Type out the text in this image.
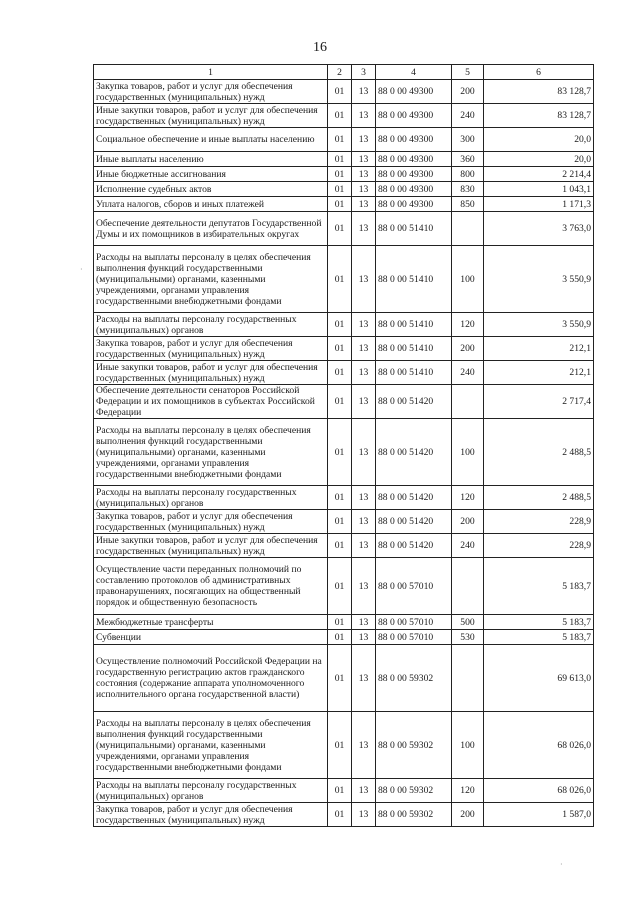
16
1	2	3	4	5	6
Закупка товаров, работ и услуг для обеспечения государственных (муниципальных) нужд	01	13	88 0 00 49300	200	83 128,7
Иные закупки товаров, работ и услуг для обеспечения государственных (муниципальных) нужд	01	13	88 0 00 49300	240	83 128,7
Социальное обеспечение и иные выплаты населению	01	13	88 0 00 49300	300	20,0
Иные выплаты населению	01	13	88 0 00 49300	360	20,0
Иные бюджетные ассигнования	01	13	88 0 00 49300	800	2 214,4
Исполнение судебных актов	01	13	88 0 00 49300	830	1 043,1
Уплата налогов, сборов и иных платежей	01	13	88 0 00 49300	850	1 171,3
Обеспечение деятельности депутатов Государственной Думы и их помощников в избирательных округах	01	13	88 0 00 51410		3 763,0
Расходы на выплаты персоналу в целях обеспечения выполнения функций государственными (муниципальными) органами, казенными учреждениями, органами управления государственными внебюджетными фондами	01	13	88 0 00 51410	100	3 550,9
Расходы на выплаты персоналу государственных (муниципальных) органов	01	13	88 0 00 51410	120	3 550,9
Закупка товаров, работ и услуг для обеспечения государственных (муниципальных) нужд	01	13	88 0 00 51410	200	212,1
Иные закупки товаров, работ и услуг для обеспечения государственных (муниципальных) нужд	01	13	88 0 00 51410	240	212,1
Обеспечение деятельности сенаторов Российской Федерации и их помощников в субъектах Российской Федерации	01	13	88 0 00 51420		2 717,4
Расходы на выплаты персоналу в целях обеспечения выполнения функций государственными (муниципальными) органами, казенными учреждениями, органами управления государственными внебюджетными фондами	01	13	88 0 00 51420	100	2 488,5
Расходы на выплаты персоналу государственных (муниципальных) органов	01	13	88 0 00 51420	120	2 488,5
Закупка товаров, работ и услуг для обеспечения государственных (муниципальных) нужд	01	13	88 0 00 51420	200	228,9
Иные закупки товаров, работ и услуг для обеспечения государственных (муниципальных) нужд	01	13	88 0 00 51420	240	228,9
Осуществление части переданных полномочий по составлению протоколов об административных правонарушениях, посягающих на общественный порядок и общественную безопасность	01	13	88 0 00 57010		5 183,7
Межбюджетные трансферты	01	13	88 0 00 57010	500	5 183,7
Субвенции	01	13	88 0 00 57010	530	5 183,7
Осуществление полномочий Российской Федерации на государственную регистрацию актов гражданского состояния (содержание аппарата уполномоченного исполнительного органа государственной власти)	01	13	88 0 00 59302		69 613,0
Расходы на выплаты персоналу в целях обеспечения выполнения функций государственными (муниципальными) органами, казенными учреждениями, органами управления государственными внебюджетными фондами	01	13	88 0 00 59302	100	68 026,0
Расходы на выплаты персоналу государственных (муниципальных) органов	01	13	88 0 00 59302	120	68 026,0
Закупка товаров, работ и услуг для обеспечения государственных (муниципальных) нужд	01	13	88 0 00 59302	200	1 587,0
·
·
